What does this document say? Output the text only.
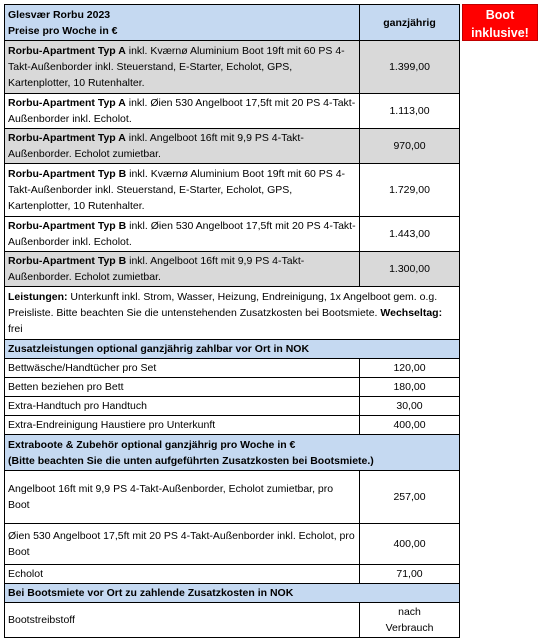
Glesvær Rorbu 2023
Preise pro Woche in €	ganzjährig
Rorbu-Apartment Typ A inkl. Kværnø Aluminium Boot 19ft mit 60 PS 4-Takt-Außenborder inkl. Steuerstand, E-Starter, Echolot, GPS, Kartenplotter, 10 Rutenhalter.	1.399,00
Rorbu-Apartment Typ A inkl. Øien 530 Angelboot 17,5ft mit 20 PS 4-Takt-Außenborder inkl. Echolot.	1.113,00
Rorbu-Apartment Typ A inkl. Angelboot 16ft mit 9,9 PS 4-Takt-Außenborder. Echolot zumietbar.	970,00
Rorbu-Apartment Typ B inkl. Kværnø Aluminium Boot 19ft mit 60 PS 4-Takt-Außenborder inkl. Steuerstand, E-Starter, Echolot, GPS, Kartenplotter, 10 Rutenhalter.	1.729,00
Rorbu-Apartment Typ B inkl. Øien 530 Angelboot 17,5ft mit 20 PS 4-Takt-Außenborder inkl. Echolot.	1.443,00
Rorbu-Apartment Typ B inkl. Angelboot 16ft mit 9,9 PS 4-Takt-Außenborder. Echolot zumietbar.	1.300,00
Leistungen: Unterkunft inkl. Strom, Wasser, Heizung, Endreinigung, 1x Angelboot gem. o.g. Preisliste. Bitte beachten Sie die untenstehenden Zusatzkosten bei Bootsmiete. Wechseltag: frei	
Zusatzleistungen optional ganzjährig zahlbar vor Ort in NOK	
Bettwäsche/Handtücher pro Set	120,00
Betten beziehen pro Bett	180,00
Extra-Handtuch pro Handtuch	30,00
Extra-Endreinigung Haustiere pro Unterkunft	400,00

Extraboote & Zubehör optional ganzjährig pro Woche in €
(Bitte beachten Sie die unten aufgeführten Zusatzkosten bei Bootsmiete.)	

Angelboot 16ft mit 9,9 PS 4-Takt-Außenborder, Echolot zumietbar, pro Boot	257,00
Øien 530 Angelboot 17,5ft mit 20 PS 4-Takt-Außenborder inkl. Echolot, pro Boot	400,00
Echolot	71,00
Bei Bootsmiete vor Ort zu zahlende Zusatzkosten in NOK	
Bootstreibstoff	nach
Verbrauch
Boot
inklusive!
